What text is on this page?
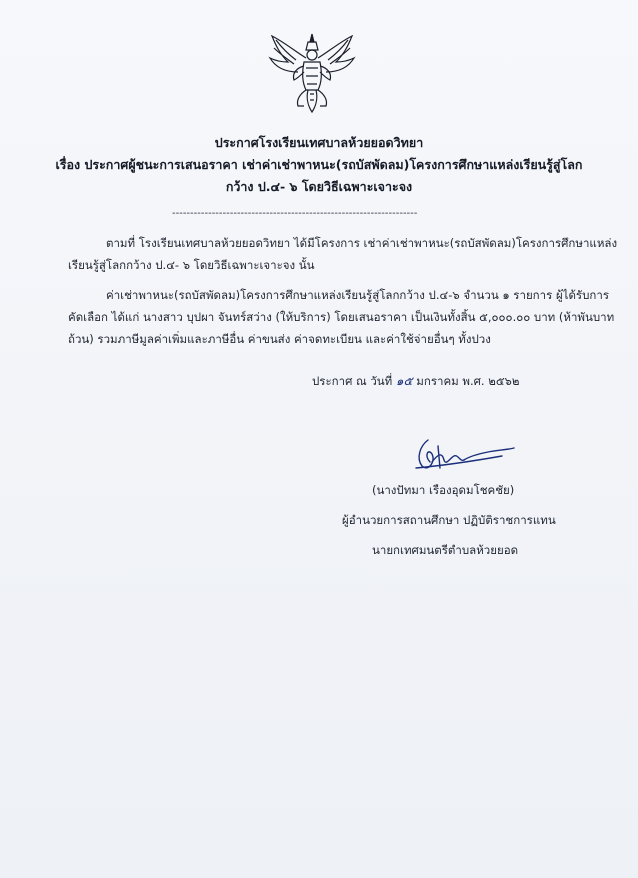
ประกาศโรงเรียนเทศบาลห้วยยอดวิทยา
เรื่อง ประกาศผู้ชนะการเสนอราคา เช่าค่าเช่าพาหนะ(รถบัสพัดลม)โครงการศึกษาแหล่งเรียนรู้สู่โลก
กว้าง ป.๔- ๖ โดยวิธีเฉพาะเจาะจง
--------------------------------------------------------------------
ตามที่ โรงเรียนเทศบาลห้วยยอดวิทยา ได้มีโครงการ เช่าค่าเช่าพาหนะ(รถบัสพัดลม)โครงการศึกษาแหล่ง
เรียนรู้สู่โลกกว้าง ป.๔- ๖ โดยวิธีเฉพาะเจาะจง นั้น
ค่าเช่าพาหนะ(รถบัสพัดลม)โครงการศึกษาแหล่งเรียนรู้สู่โลกกว้าง ป.๔-๖ จำนวน ๑ รายการ ผู้ได้รับการ
คัดเลือก ได้แก่ นางสาว บุปผา จันทร์สว่าง (ให้บริการ) โดยเสนอราคา เป็นเงินทั้งสิ้น ๕,๐๐๐.๐๐ บาท (ห้าพันบาท
ถ้วน) รวมภาษีมูลค่าเพิ่มและภาษีอื่น ค่าขนส่ง ค่าจดทะเบียน และค่าใช้จ่ายอื่นๆ ทั้งปวง
ประกาศ ณ วันที่ ๑๕ มกราคม พ.ศ. ๒๕๖๒
(นางปัทมา เรืองอุดมโชคชัย)
ผู้อำนวยการสถานศึกษา ปฏิบัติราชการแทน
นายกเทศมนตรีตำบลห้วยยอด
